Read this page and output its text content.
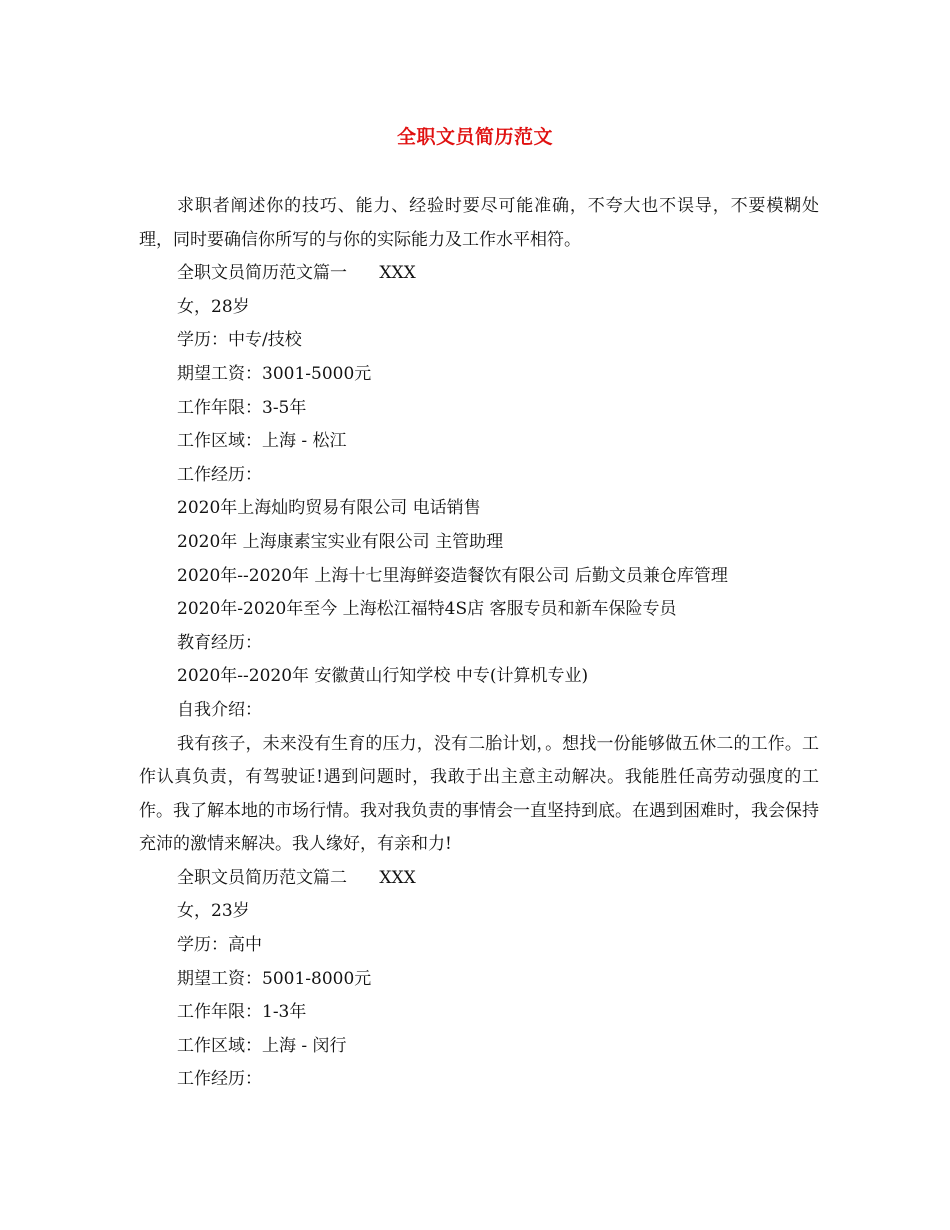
全职文员简历范文
求职者阐述你的技巧、能力、经验时要尽可能准确，不夸大也不误导，不要模糊处理，同时要确信你所写的与你的实际能力及工作水平相符。
全职文员简历范文篇一      XXX
女，28岁
学历：中专/技校
期望工资：3001-5000元
工作年限：3-5年
工作区域：上海 - 松江
工作经历：
2020年上海灿昀贸易有限公司 电话销售
2020年 上海康素宝实业有限公司 主管助理
2020年--2020年 上海十七里海鲜姿造餐饮有限公司 后勤文员兼仓库管理
2020年-2020年至今 上海松江福特4S店 客服专员和新车保险专员
教育经历：
2020年--2020年 安徽黄山行知学校 中专(计算机专业)
自我介绍：
我有孩子，未来没有生育的压力，没有二胎计划，。想找一份能够做五休二的工作。工作认真负责，有驾驶证!遇到问题时，我敢于出主意主动解决。我能胜任高劳动强度的工作。我了解本地的市场行情。我对我负责的事情会一直坚持到底。在遇到困难时，我会保持充沛的激情来解决。我人缘好，有亲和力!
全职文员简历范文篇二      XXX
女，23岁
学历：高中
期望工资：5001-8000元
工作年限：1-3年
工作区域：上海 - 闵行
工作经历：
